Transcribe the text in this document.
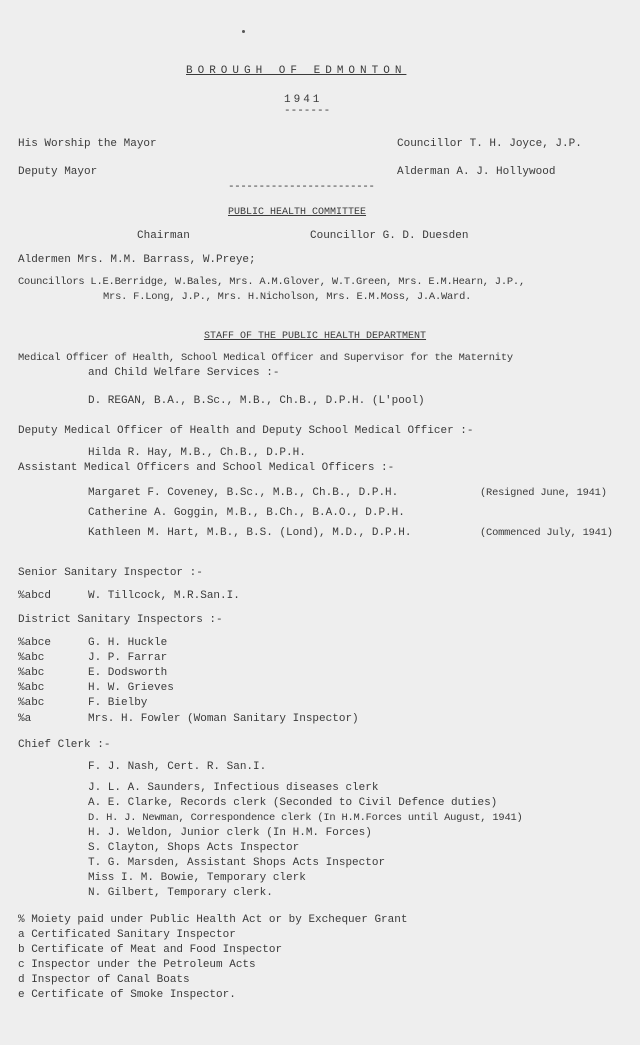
BOROUGH OF EDMONTON
1941
-------
His Worship the Mayor	Councillor T. H. Joyce, J.P.
Deputy Mayor	Alderman A. J. Hollywood
------------------------
PUBLIC HEALTH COMMITTEE
Chairman	Councillor G. D. Duesden
Aldermen Mrs. M.M. Barrass, W.Preye;
Councillors L.E.Berridge, W.Bales, Mrs. A.M.Glover, W.T.Green, Mrs. E.M.Hearn, J.P.,
Mrs. F.Long, J.P., Mrs. H.Nicholson, Mrs. E.M.Moss, J.A.Ward.
STAFF OF THE PUBLIC HEALTH DEPARTMENT
Medical Officer of Health, School Medical Officer and Supervisor for the Maternity
and Child Welfare Services :-
D. REGAN, B.A., B.Sc., M.B., Ch.B., D.P.H. (L'pool)
Deputy Medical Officer of Health and Deputy School Medical Officer :-
Hilda R. Hay, M.B., Ch.B., D.P.H.
Assistant Medical Officers and School Medical Officers :-
Margaret F. Coveney, B.Sc., M.B., Ch.B., D.P.H.	(Resigned June, 1941)
Catherine A. Goggin, M.B., B.Ch., B.A.O., D.P.H.
Kathleen M. Hart, M.B., B.S. (Lond), M.D., D.P.H.	(Commenced July, 1941)
Senior Sanitary Inspector :-
%abcd	W. Tillcock, M.R.San.I.
District Sanitary Inspectors :-
%abce	G. H. Huckle
%abc	J. P. Farrar
%abc	E. Dodsworth
%abc	H. W. Grieves
%abc	F. Bielby
%a	Mrs. H. Fowler (Woman Sanitary Inspector)
Chief Clerk :-
F. J. Nash, Cert. R. San.I.
J. L. A. Saunders, Infectious diseases clerk
A. E. Clarke, Records clerk (Seconded to Civil Defence duties)
D. H. J. Newman, Correspondence clerk (In H.M.Forces until August, 1941)
H. J. Weldon, Junior clerk (In H.M. Forces)
S. Clayton, Shops Acts Inspector
T. G. Marsden, Assistant Shops Acts Inspector
Miss I. M. Bowie, Temporary clerk
N. Gilbert, Temporary clerk.
% Moiety paid under Public Health Act or by Exchequer Grant
a Certificated Sanitary Inspector
b Certificate of Meat and Food Inspector
c Inspector under the Petroleum Acts
d Inspector of Canal Boats
e Certificate of Smoke Inspector.
